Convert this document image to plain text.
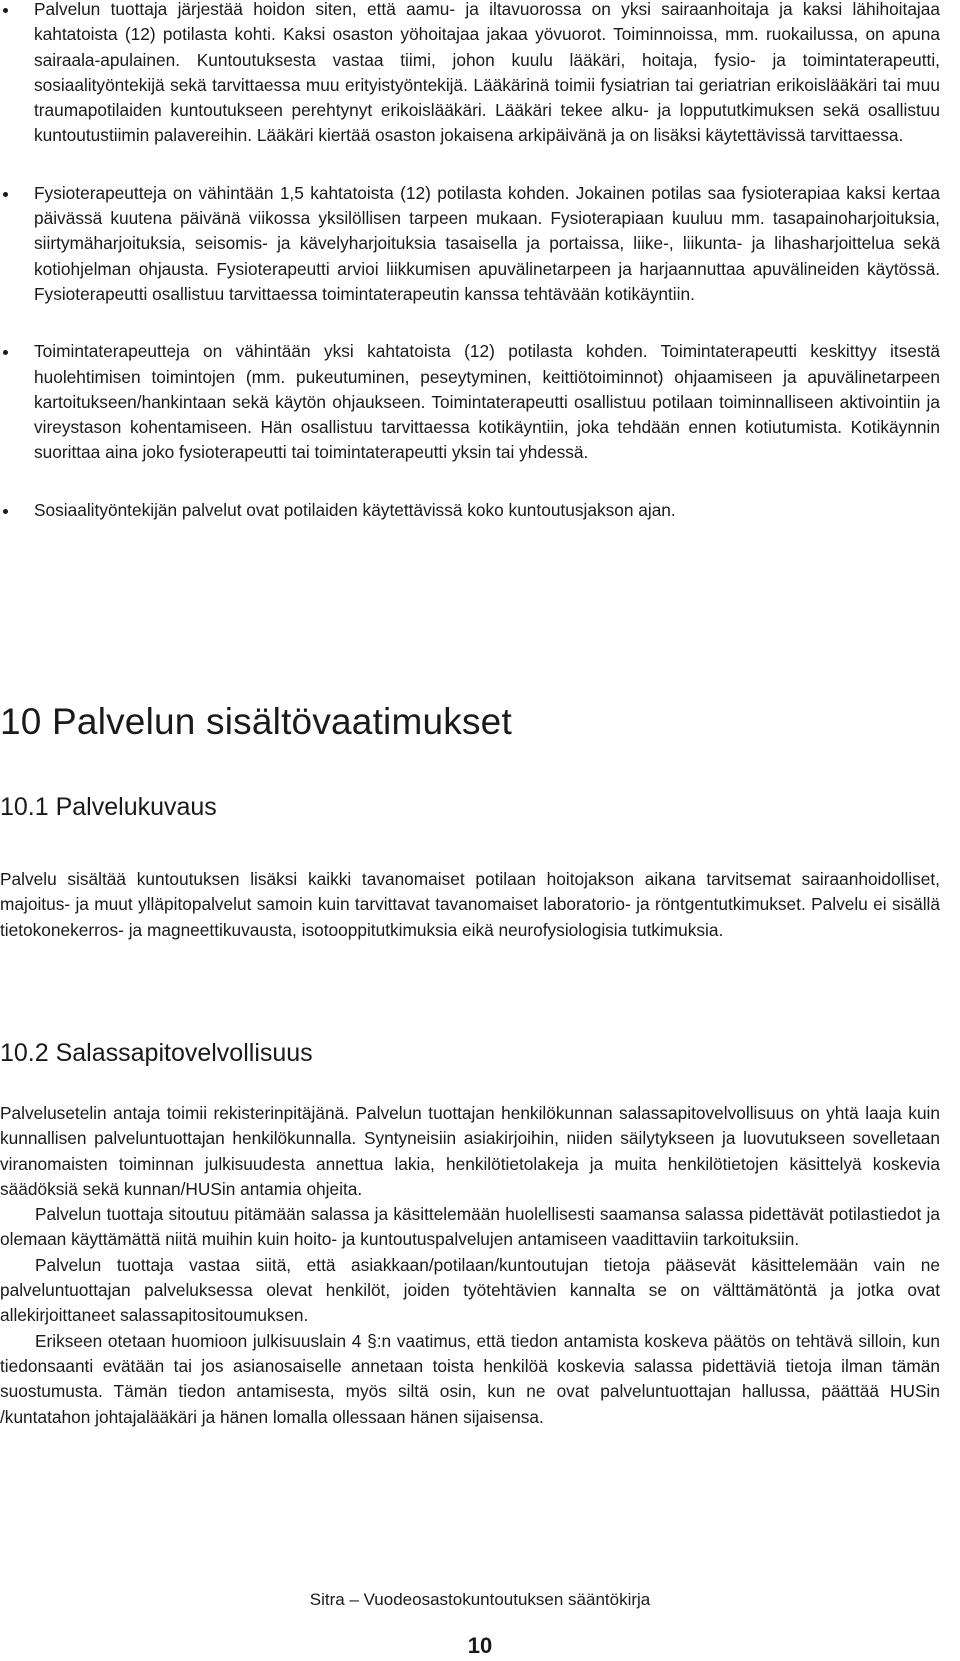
Palvelun tuottaja järjestää hoidon siten, että aamu- ja iltavuorossa on yksi sairaanhoitaja ja kaksi lähihoitajaa kahtatoista (12) potilasta kohti. Kaksi osaston yöhoitajaa jakaa yövuorot. Toiminnoissa, mm. ruokailussa, on apuna sairaala-apulainen. Kuntoutuksesta vastaa tiimi, johon kuulu lääkäri, hoitaja, fysio- ja toimintaterapeutti, sosiaalityöntekijä sekä tarvittaessa muu erityistyöntekijä. Lääkärinä toimii fysiatrian tai geriatrian erikoislääkäri tai muu traumapotilaiden kuntoutukseen perehtynyt erikoislääkäri. Lääkäri tekee alku- ja loppututkimuksen sekä osallistuu kuntoutustiimin palavereihin. Lääkäri kiertää osaston jokaisena arkipäivänä ja on lisäksi käytettävissä tarvittaessa.
Fysioterapeutteja on vähintään 1,5 kahtatoista (12) potilasta kohden. Jokainen potilas saa fysioterapiaa kaksi kertaa päivässä kuutena päivänä viikossa yksilöllisen tarpeen mukaan. Fysioterapiaan kuuluu mm. tasapainoharjoituksia, siirtymäharjoituksia, seisomis- ja kävelyharjoituksia tasaisella ja portaissa, liike-, liikunta- ja lihasharjoittelua sekä kotiohjelman ohjausta. Fysioterapeutti arvioi liikkumisen apuvälinetarpeen ja harjaannuttaa apuvälineiden käytössä. Fysioterapeutti osallistuu tarvittaessa toimintaterapeutin kanssa tehtävään kotikäyntiin.
Toimintaterapeutteja on vähintään yksi kahtatoista (12) potilasta kohden. Toimintaterapeutti keskittyy itsestä huolehtimisen toimintojen (mm. pukeutuminen, peseytyminen, keittiötoiminnot) ohjaamiseen ja apuvälinetarpeen kartoitukseen/hankintaan sekä käytön ohjaukseen. Toimintaterapeutti osallistuu potilaan toiminnalliseen aktivointiin ja vireystason kohentamiseen. Hän osallistuu tarvittaessa kotikäyntiin, joka tehdään ennen kotiutumista. Kotikäynnin suorittaa aina joko fysioterapeutti tai toimintaterapeutti yksin tai yhdessä.
Sosiaalityöntekijän palvelut ovat potilaiden käytettävissä koko kuntoutusjakson ajan.
10 Palvelun sisältövaatimukset
10.1 Palvelukuvaus

Palvelu sisältää kuntoutuksen lisäksi kaikki tavanomaiset potilaan hoitojakson aikana tarvitsemat sairaanhoidolliset, majoitus- ja muut ylläpitopalvelut samoin kuin tarvittavat tavanomaiset laboratorio- ja röntgentutkimukset. Palvelu ei sisällä tietokonekerros- ja magneettikuvausta, isotooppitutkimuksia eikä neurofysiologisia tutkimuksia.

10.2 Salassapitovelvollisuus

Palvelusetelin antaja toimii rekisterinpitäjänä. Palvelun tuottajan henkilökunnan salassapitovelvollisuus on yhtä laaja kuin kunnallisen palveluntuottajan henkilökunnalla. Syntyneisiin asiakirjoihin, niiden säilytykseen ja luovutukseen sovelletaan viranomaisten toiminnan julkisuudesta annettua lakia, henkilötietolakeja ja muita henkilötietojen käsittelyä koskevia säädöksiä sekä kunnan/HUSin antamia ohjeita.

Palvelun tuottaja sitoutuu pitämään salassa ja käsittelemään huolellisesti saamansa salassa pidettävät potilastiedot ja olemaan käyttämättä niitä muihin kuin hoito- ja kuntoutuspalvelujen antamiseen vaadittaviin tarkoituksiin.

Palvelun tuottaja vastaa siitä, että asiakkaan/potilaan/kuntoutujan tietoja pääsevät käsittelemään vain ne palveluntuottajan palveluksessa olevat henkilöt, joiden työtehtävien kannalta se on välttämätöntä ja jotka ovat allekirjoittaneet salassapitositoumuksen.

Erikseen otetaan huomioon julkisuuslain 4 §:n vaatimus, että tiedon antamista koskeva päätös on tehtävä silloin, kun tiedonsaanti evätään tai jos asianosaiselle annetaan toista henkilöä koskevia salassa pidettäviä tietoja ilman tämän suostumusta. Tämän tiedon antamisesta, myös siltä osin, kun ne ovat palveluntuottajan hallussa, päättää HUSin /kuntatahon johtajalääkäri ja hänen lomalla ollessaan hänen sijaisensa.

Sitra – Vuodeosastokuntoutuksen sääntökirja
10
